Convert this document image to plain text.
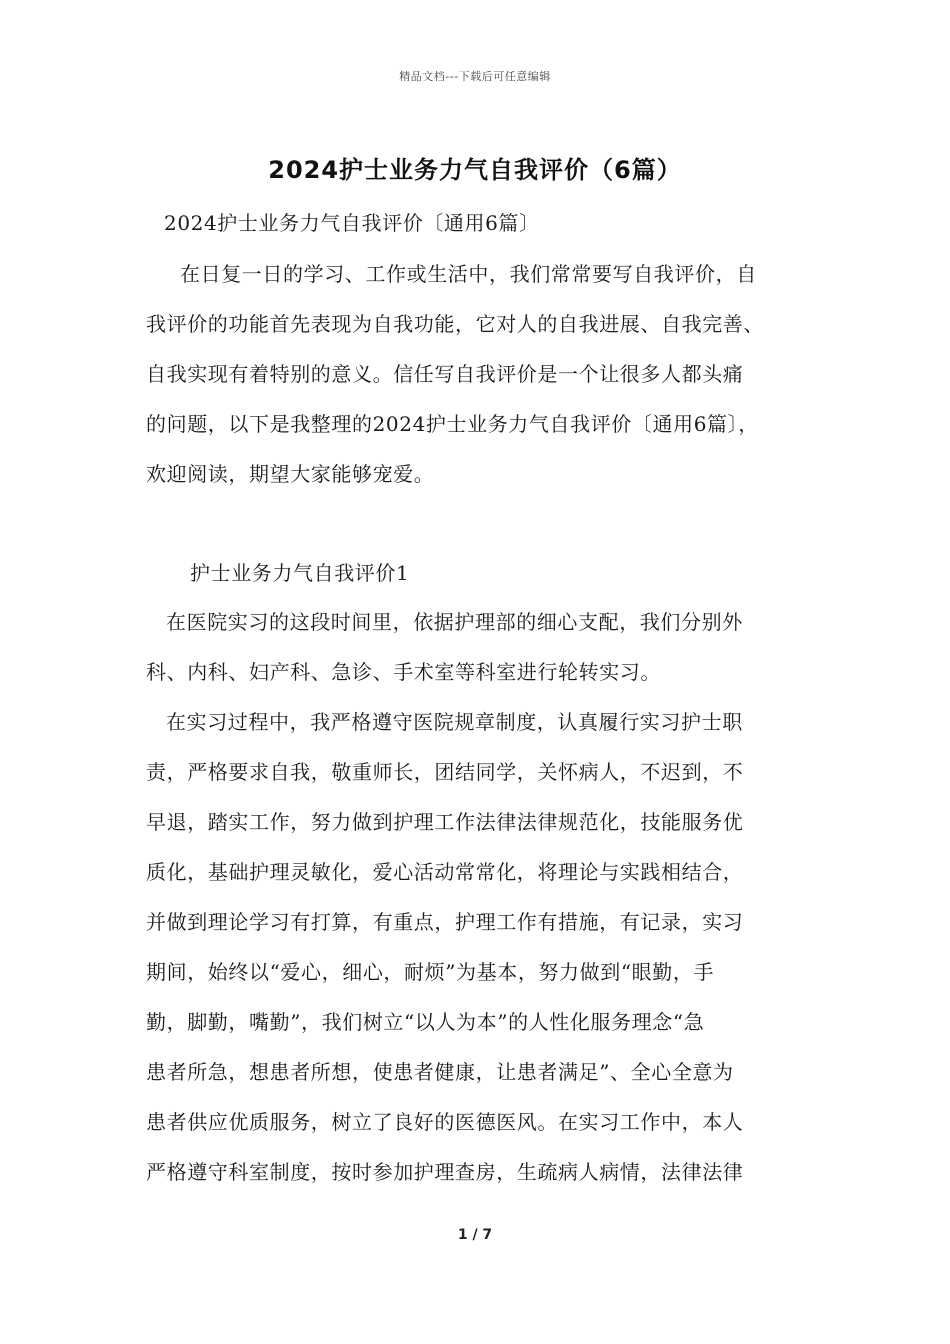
精品文档---下载后可任意编辑
2024护士业务力气自我评价（6篇）
2024护士业务力气自我评价〔通用6篇〕
在日复一日的学习、工作或生活中，我们常常要写自我评价，自
我评价的功能首先表现为自我功能，它对人的自我进展、自我完善、
自我实现有着特别的意义。信任写自我评价是一个让很多人都头痛
的问题，以下是我整理的2024护士业务力气自我评价〔通用6篇〕，
欢迎阅读，期望大家能够宠爱。
护士业务力气自我评价1
在医院实习的这段时间里，依据护理部的细心支配，我们分别外
科、内科、妇产科、急诊、手术室等科室进行轮转实习。
在实习过程中，我严格遵守医院规章制度，认真履行实习护士职
责，严格要求自我，敬重师长，团结同学，关怀病人，不迟到，不
早退，踏实工作，努力做到护理工作法律法律规范化，技能服务优
质化，基础护理灵敏化，爱心活动常常化，将理论与实践相结合，
并做到理论学习有打算，有重点，护理工作有措施，有记录，实习
期间，始终以“爱心，细心，耐烦”为基本，努力做到“眼勤，手
勤，脚勤，嘴勤”，我们树立“以人为本”的人性化服务理念“急
患者所急，想患者所想，使患者健康，让患者满足”、全心全意为
患者供应优质服务，树立了良好的医德医风。在实习工作中，本人
严格遵守科室制度，按时参加护理查房，生疏病人病情，法律法律
1 / 7
